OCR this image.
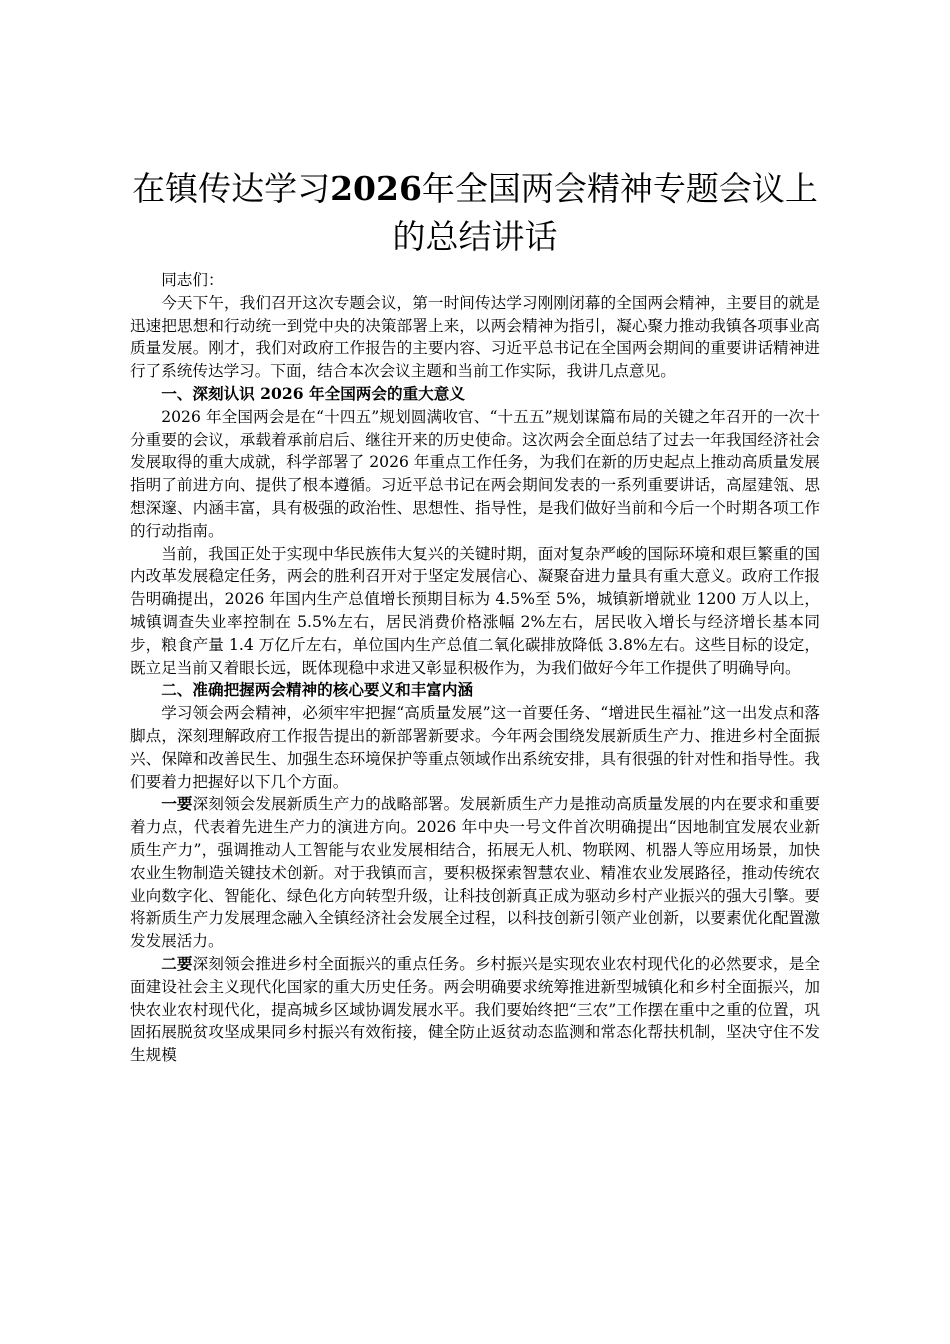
在镇传达学习2026年全国两会精神专题会议上的总结讲话

同志们：

今天下午，我们召开这次专题会议，第一时间传达学习刚刚闭幕的全国两会精神，主要目的就是迅速把思想和行动统一到党中央的决策部署上来，以两会精神为指引，凝心聚力推动我镇各项事业高质量发展。刚才，我们对政府工作报告的主要内容、习近平总书记在全国两会期间的重要讲话精神进行了系统传达学习。下面，结合本次会议主题和当前工作实际，我讲几点意见。

一、深刻认识 2026 年全国两会的重大意义

2026 年全国两会是在“十四五”规划圆满收官、“十五五”规划谋篇布局的关键之年召开的一次十分重要的会议，承载着承前启后、继往开来的历史使命。这次两会全面总结了过去一年我国经济社会发展取得的重大成就，科学部署了 2026 年重点工作任务，为我们在新的历史起点上推动高质量发展指明了前进方向、提供了根本遵循。习近平总书记在两会期间发表的一系列重要讲话，高屋建瓴、思想深邃、内涵丰富，具有极强的政治性、思想性、指导性，是我们做好当前和今后一个时期各项工作的行动指南。

当前，我国正处于实现中华民族伟大复兴的关键时期，面对复杂严峻的国际环境和艰巨繁重的国内改革发展稳定任务，两会的胜利召开对于坚定发展信心、凝聚奋进力量具有重大意义。政府工作报告明确提出，2026 年国内生产总值增长预期目标为 4.5%至 5%，城镇新增就业 1200 万人以上，城镇调查失业率控制在 5.5%左右，居民消费价格涨幅 2%左右，居民收入增长与经济增长基本同步，粮食产量 1.4 万亿斤左右，单位国内生产总值二氧化碳排放降低 3.8%左右。这些目标的设定，既立足当前又着眼长远，既体现稳中求进又彰显积极作为，为我们做好今年工作提供了明确导向。

二、准确把握两会精神的核心要义和丰富内涵

学习领会两会精神，必须牢牢把握“高质量发展”这一首要任务、“增进民生福祉”这一出发点和落脚点，深刻理解政府工作报告提出的新部署新要求。今年两会围绕发展新质生产力、推进乡村全面振兴、保障和改善民生、加强生态环境保护等重点领域作出系统安排，具有很强的针对性和指导性。我们要着力把握好以下几个方面。

一要深刻领会发展新质生产力的战略部署。发展新质生产力是推动高质量发展的内在要求和重要着力点，代表着先进生产力的演进方向。2026 年中央一号文件首次明确提出“因地制宜发展农业新质生产力”，强调推动人工智能与农业发展相结合，拓展无人机、物联网、机器人等应用场景，加快农业生物制造关键技术创新。对于我镇而言，要积极探索智慧农业、精准农业发展路径，推动传统农业向数字化、智能化、绿色化方向转型升级，让科技创新真正成为驱动乡村产业振兴的强大引擎。要将新质生产力发展理念融入全镇经济社会发展全过程，以科技创新引领产业创新，以要素优化配置激发发展活力。

二要深刻领会推进乡村全面振兴的重点任务。乡村振兴是实现农业农村现代化的必然要求，是全面建设社会主义现代化国家的重大历史任务。两会明确要求统筹推进新型城镇化和乡村全面振兴，加快农业农村现代化，提高城乡区域协调发展水平。我们要始终把“三农”工作摆在重中之重的位置，巩固拓展脱贫攻坚成果同乡村振兴有效衔接，健全防止返贫动态监测和常态化帮扶机制，坚决守住不发生规模
